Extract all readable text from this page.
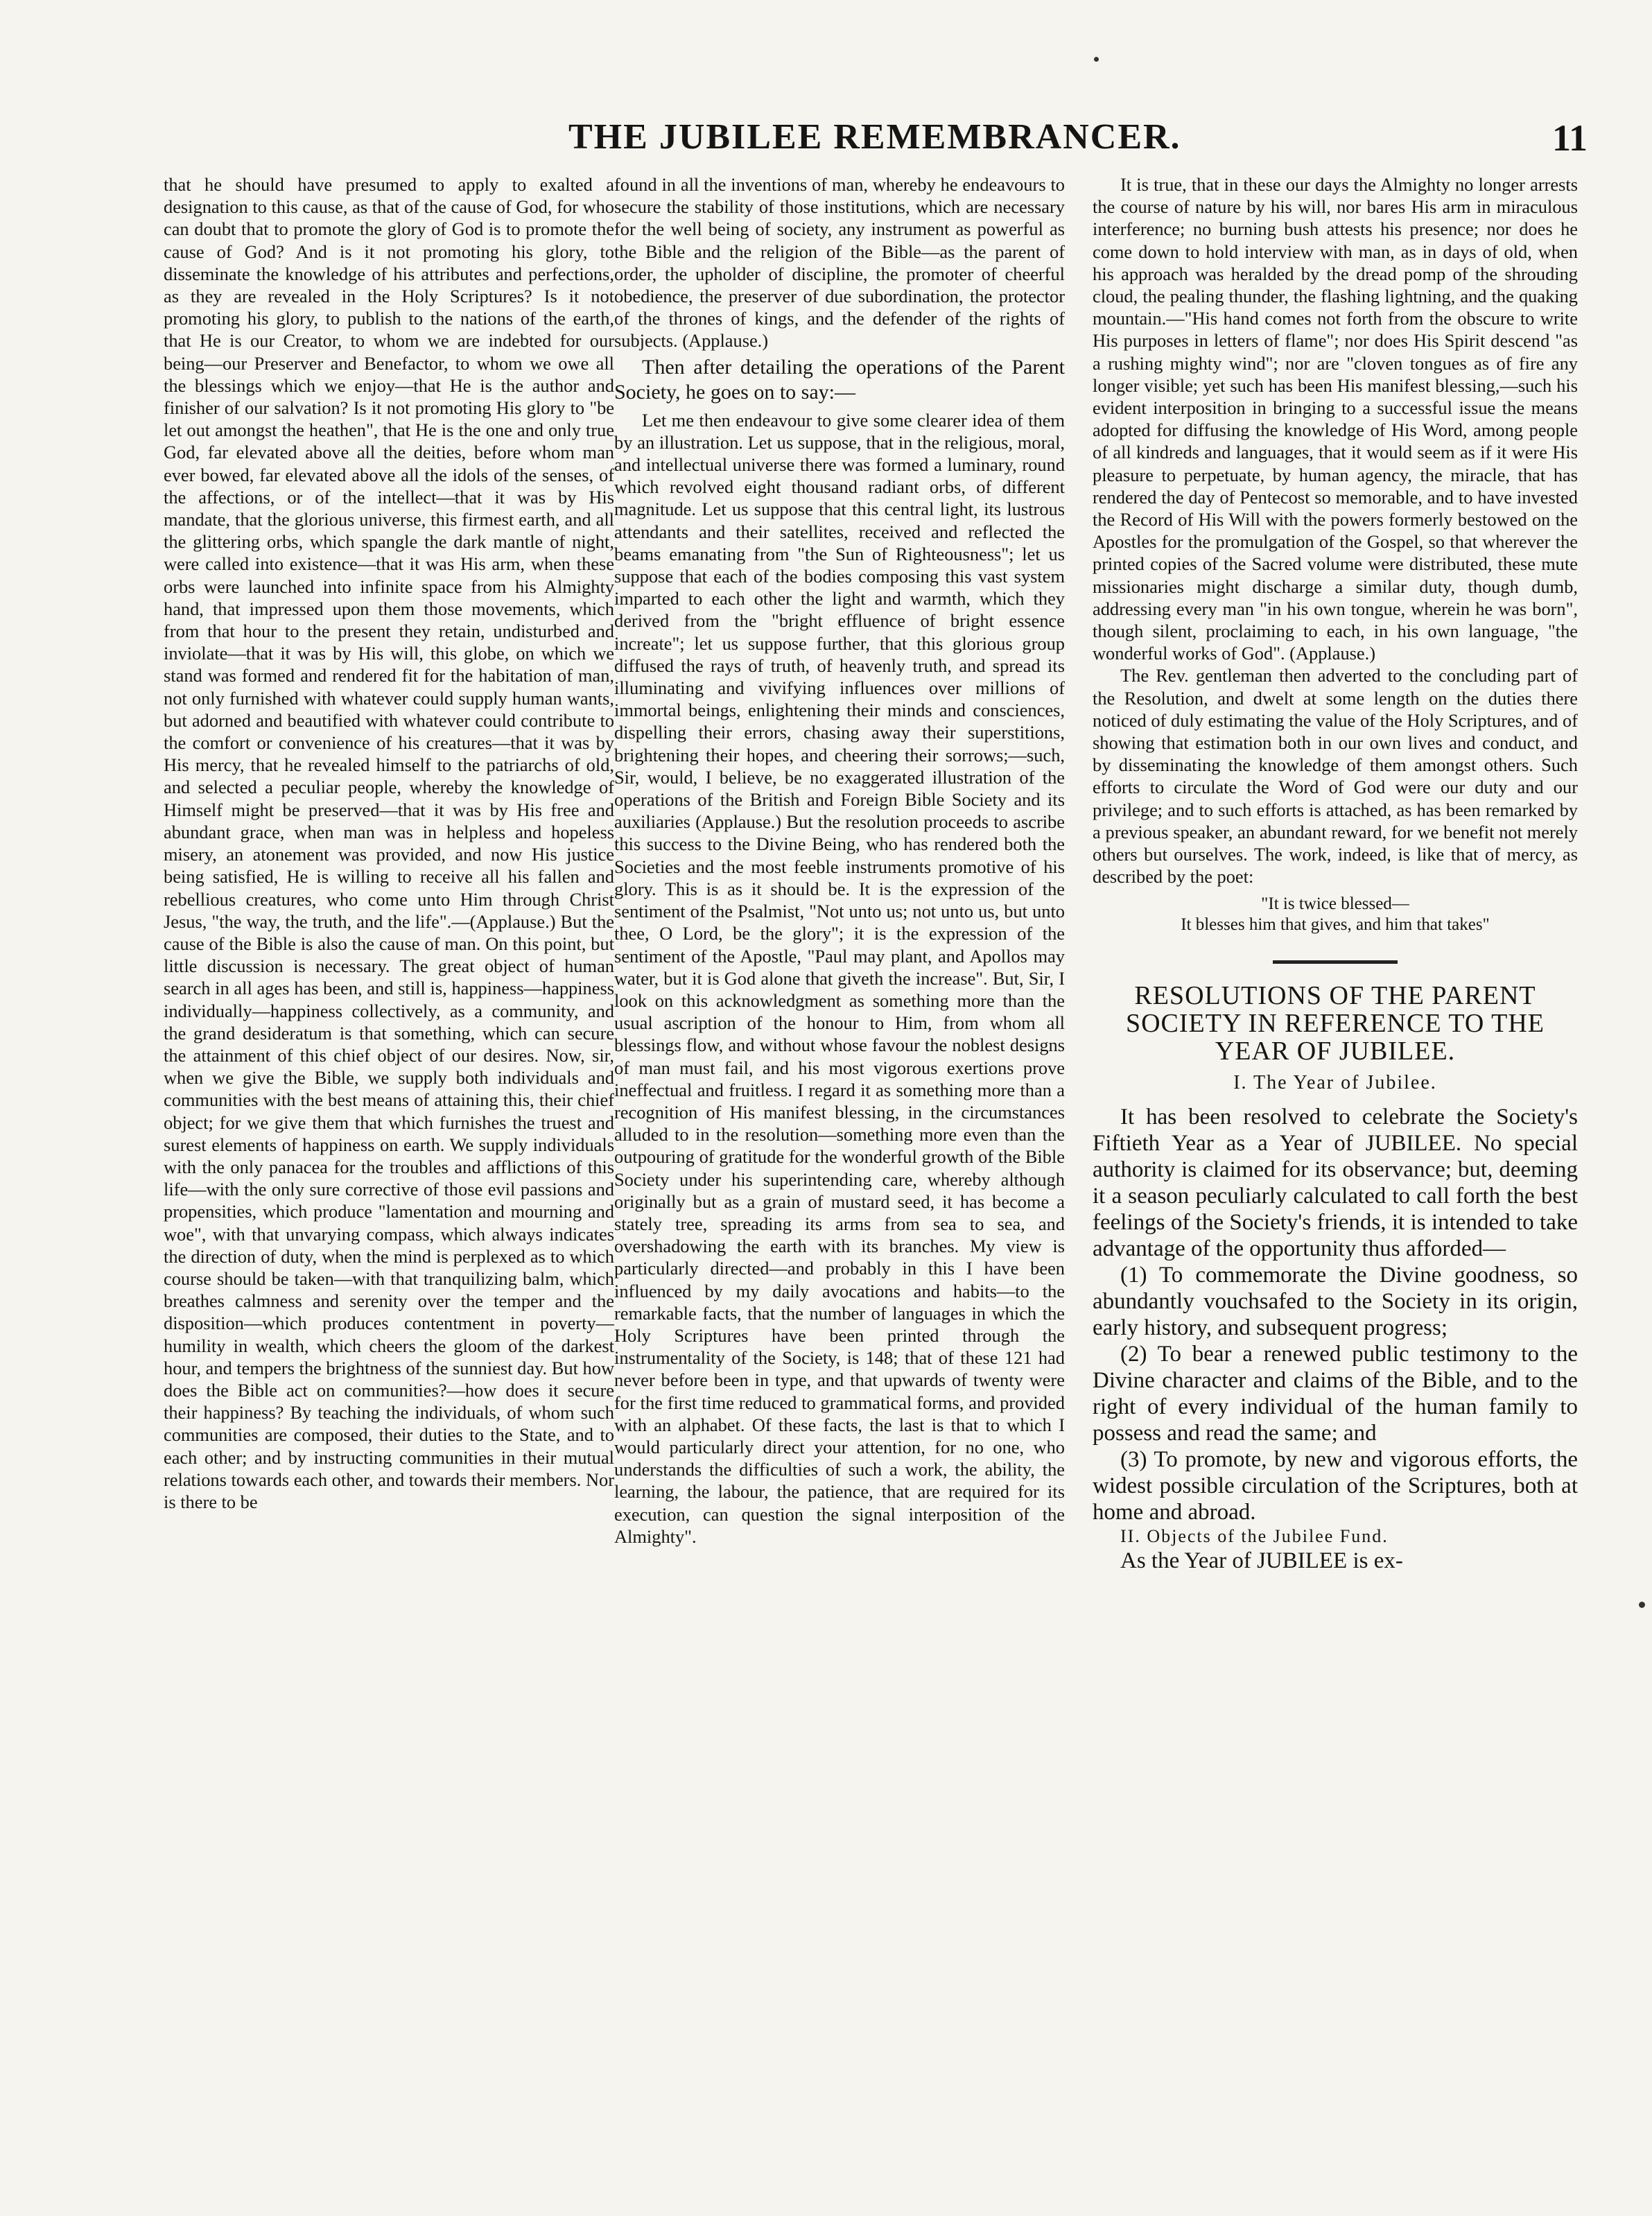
THE JUBILEE REMEMBRANCER.	11

that he should have presumed to apply to exalted a designation to this cause, as that of the cause of God, for who can doubt that to promote the glory of God is to promote the cause of God? And is it not promoting his glory, to disseminate the knowledge of his attributes and perfections, as they are revealed in the Holy Scriptures? Is it not promoting his glory, to publish to the nations of the earth, that He is our Creator, to whom we are indebted for our being—our Preserver and Benefactor, to whom we owe all the blessings which we enjoy—that He is the author and finisher of our salvation? Is it not promoting His glory to "be let out amongst the heathen", that He is the one and only true God, far elevated above all the deities, before whom man ever bowed, far elevated above all the idols of the senses, of the affections, or of the intellect—that it was by His mandate, that the glorious universe, this firmest earth, and all the glittering orbs, which spangle the dark mantle of night, were called into existence—that it was His arm, when these orbs were launched into infinite space from his Almighty hand, that impressed upon them those movements, which from that hour to the present they retain, undisturbed and inviolate—that it was by His will, this globe, on which we stand was formed and rendered fit for the habitation of man, not only furnished with whatever could supply human wants, but adorned and beautified with whatever could contribute to the comfort or convenience of his creatures—that it was by His mercy, that he revealed himself to the patriarchs of old, and selected a peculiar people, whereby the knowledge of Himself might be preserved—that it was by His free and abundant grace, when man was in helpless and hopeless misery, an atonement was provided, and now His justice being satisfied, He is willing to receive all his fallen and rebellious creatures, who come unto Him through Christ Jesus, "the way, the truth, and the life".—(Applause.) But the cause of the Bible is also the cause of man. On this point, but little discussion is necessary. The great object of human search in all ages has been, and still is, happiness—happiness individually—happiness collectively, as a community, and the grand desideratum is that something, which can secure the attainment of this chief object of our desires. Now, sir, when we give the Bible, we supply both individuals and communities with the best means of attaining this, their chief object; for we give them that which furnishes the truest and surest elements of happiness on earth. We supply individuals with the only panacea for the troubles and afflictions of this life—with the only sure corrective of those evil passions and propensities, which produce "lamentation and mourning and woe", with that unvarying compass, which always indicates the direction of duty, when the mind is perplexed as to which course should be taken—with that tranquilizing balm, which breathes calmness and serenity over the temper and the disposition—which produces contentment in poverty—humility in wealth, which cheers the gloom of the darkest hour, and tempers the brightness of the sunniest day. But how does the Bible act on communities?—how does it secure their happiness? By teaching the individuals, of whom such communities are composed, their duties to the State, and to each other; and by instructing communities in their mutual relations towards each other, and towards their members. Nor is there to be

found in all the inventions of man, whereby he endeavours to secure the stability of those institutions, which are necessary for the well being of society, any instrument as powerful as the Bible and the religion of the Bible—as the parent of order, the upholder of discipline, the promoter of cheerful obedience, the preserver of due subordination, the protector of the thrones of kings, and the defender of the rights of subjects. (Applause.)

Then after detailing the operations of the Parent Society, he goes on to say:—

Let me then endeavour to give some clearer idea of them by an illustration. Let us suppose, that in the religious, moral, and intellectual universe there was formed a luminary, round which revolved eight thousand radiant orbs, of different magnitude. Let us suppose that this central light, its lustrous attendants and their satellites, received and reflected the beams emanating from "the Sun of Righteousness"; let us suppose that each of the bodies composing this vast system imparted to each other the light and warmth, which they derived from the "bright effluence of bright essence increate"; let us suppose further, that this glorious group diffused the rays of truth, of heavenly truth, and spread its illuminating and vivifying influences over millions of immortal beings, enlightening their minds and consciences, dispelling their errors, chasing away their superstitions, brightening their hopes, and cheering their sorrows;—such, Sir, would, I believe, be no exaggerated illustration of the operations of the British and Foreign Bible Society and its auxiliaries (Applause.) But the resolution proceeds to ascribe this success to the Divine Being, who has rendered both the Societies and the most feeble instruments promotive of his glory. This is as it should be. It is the expression of the sentiment of the Psalmist, "Not unto us; not unto us, but unto thee, O Lord, be the glory"; it is the expression of the sentiment of the Apostle, "Paul may plant, and Apollos may water, but it is God alone that giveth the increase". But, Sir, I look on this acknowledgment as something more than the usual ascription of the honour to Him, from whom all blessings flow, and without whose favour the noblest designs of man must fail, and his most vigorous exertions prove ineffectual and fruitless. I regard it as something more than a recognition of His manifest blessing, in the circumstances alluded to in the resolution—something more even than the outpouring of gratitude for the wonderful growth of the Bible Society under his superintending care, whereby although originally but as a grain of mustard seed, it has become a stately tree, spreading its arms from sea to sea, and overshadowing the earth with its branches. My view is particularly directed—and probably in this I have been influenced by my daily avocations and habits—to the remarkable facts, that the number of languages in which the Holy Scriptures have been printed through the instrumentality of the Society, is 148; that of these 121 had never before been in type, and that upwards of twenty were for the first time reduced to grammatical forms, and provided with an alphabet. Of these facts, the last is that to which I would particularly direct your attention, for no one, who understands the difficulties of such a work, the ability, the learning, the labour, the patience, that are required for its execution, can question the signal interposition of the Almighty".

It is true, that in these our days the Almighty no longer arrests the course of nature by his will, nor bares His arm in miraculous interference; no burning bush attests his presence; nor does he come down to hold interview with man, as in days of old, when his approach was heralded by the dread pomp of the shrouding cloud, the pealing thunder, the flashing lightning, and the quaking mountain.—"His hand comes not forth from the obscure to write His purposes in letters of flame"; nor does His Spirit descend "as a rushing mighty wind"; nor are "cloven tongues as of fire any longer visible; yet such has been His manifest blessing,—such his evident interposition in bringing to a successful issue the means adopted for diffusing the knowledge of His Word, among people of all kindreds and languages, that it would seem as if it were His pleasure to perpetuate, by human agency, the miracle, that has rendered the day of Pentecost so memorable, and to have invested the Record of His Will with the powers formerly bestowed on the Apostles for the promulgation of the Gospel, so that wherever the printed copies of the Sacred volume were distributed, these mute missionaries might discharge a similar duty, though dumb, addressing every man "in his own tongue, wherein he was born", though silent, proclaiming to each, in his own language, "the wonderful works of God". (Applause.)

The Rev. gentleman then adverted to the concluding part of the Resolution, and dwelt at some length on the duties there noticed of duly estimating the value of the Holy Scriptures, and of showing that estimation both in our own lives and conduct, and by disseminating the knowledge of them amongst others. Such efforts to circulate the Word of God were our duty and our privilege; and to such efforts is attached, as has been remarked by a previous speaker, an abundant reward, for we benefit not merely others but ourselves. The work, indeed, is like that of mercy, as described by the poet:

"It is twice blessed—
It blesses him that gives, and him that takes"
RESOLUTIONS OF THE PARENT SOCIETY IN REFERENCE TO THE YEAR OF JUBILEE.
I. The Year of Jubilee.

It has been resolved to celebrate the Society's Fiftieth Year as a Year of JUBILEE. No special authority is claimed for its observance; but, deeming it a season peculiarly calculated to call forth the best feelings of the Society's friends, it is intended to take advantage of the opportunity thus afforded—

(1) To commemorate the Divine goodness, so abundantly vouchsafed to the Society in its origin, early history, and subsequent progress;

(2) To bear a renewed public testimony to the Divine character and claims of the Bible, and to the right of every individual of the human family to possess and read the same; and

(3) To promote, by new and vigorous efforts, the widest possible circulation of the Scriptures, both at home and abroad.

II. Objects of the Jubilee Fund.

As the Year of JUBILEE is ex-
